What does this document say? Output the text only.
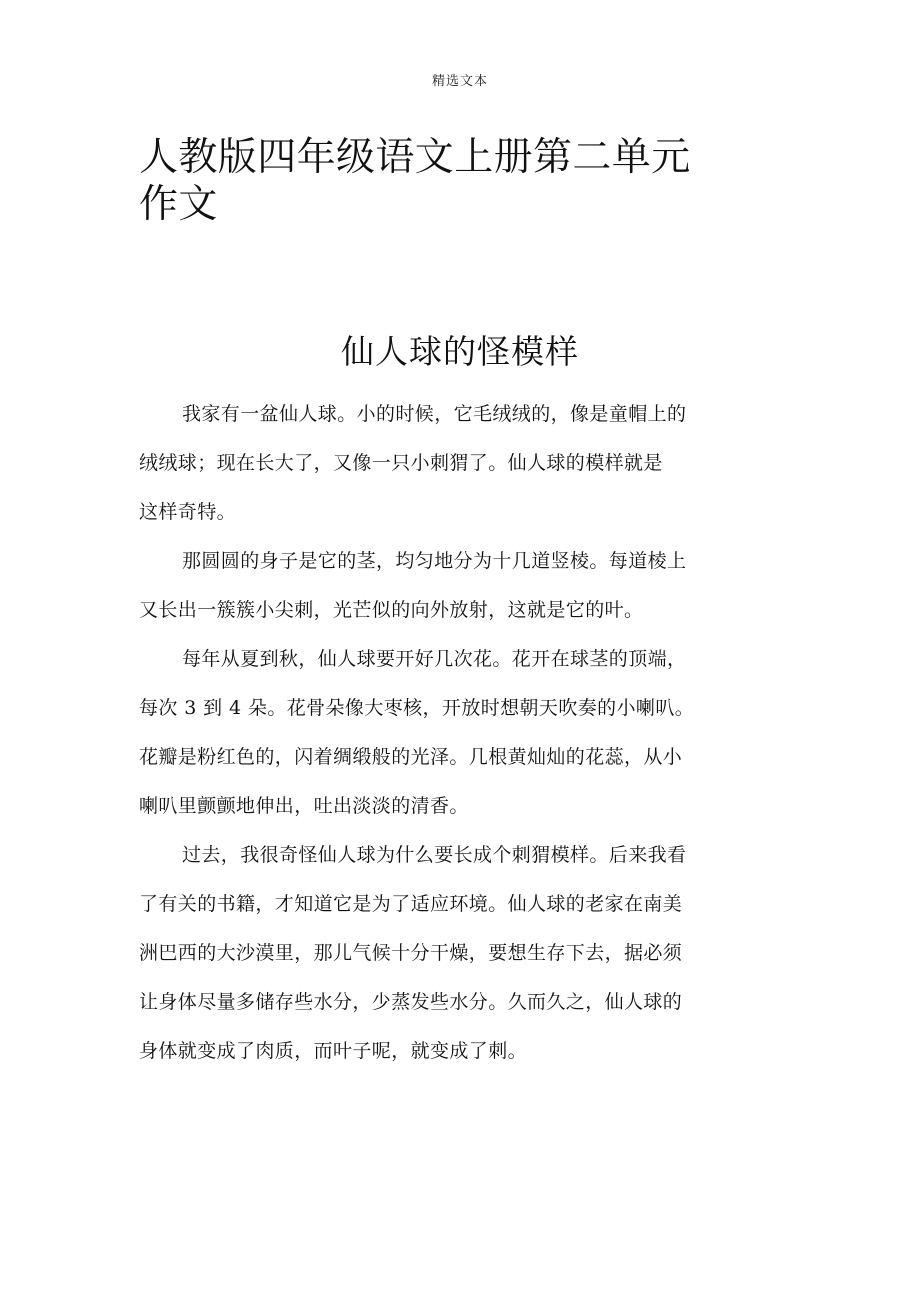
精选文本
人教版四年级语文上册第二单元
作文
仙人球的怪模样

我家有一盆仙人球。小的时候，它毛绒绒的，像是童帽上的
绒绒球；现在长大了，又像一只小刺猬了。仙人球的模样就是
这样奇特。

那圆圆的身子是它的茎，均匀地分为十几道竖棱。每道棱上
又长出一簇簇小尖刺，光芒似的向外放射，这就是它的叶。

每年从夏到秋，仙人球要开好几次花。花开在球茎的顶端，
每次 3 到 4 朵。花骨朵像大枣核，开放时想朝天吹奏的小喇叭。
花瓣是粉红色的，闪着绸缎般的光泽。几根黄灿灿的花蕊，从小
喇叭里颤颤地伸出，吐出淡淡的清香。

过去，我很奇怪仙人球为什么要长成个刺猬模样。后来我看
了有关的书籍，才知道它是为了适应环境。仙人球的老家在南美
洲巴西的大沙漠里，那儿气候十分干燥，要想生存下去，据必须
让身体尽量多储存些水分，少蒸发些水分。久而久之，仙人球的
身体就变成了肉质，而叶子呢，就变成了刺。
